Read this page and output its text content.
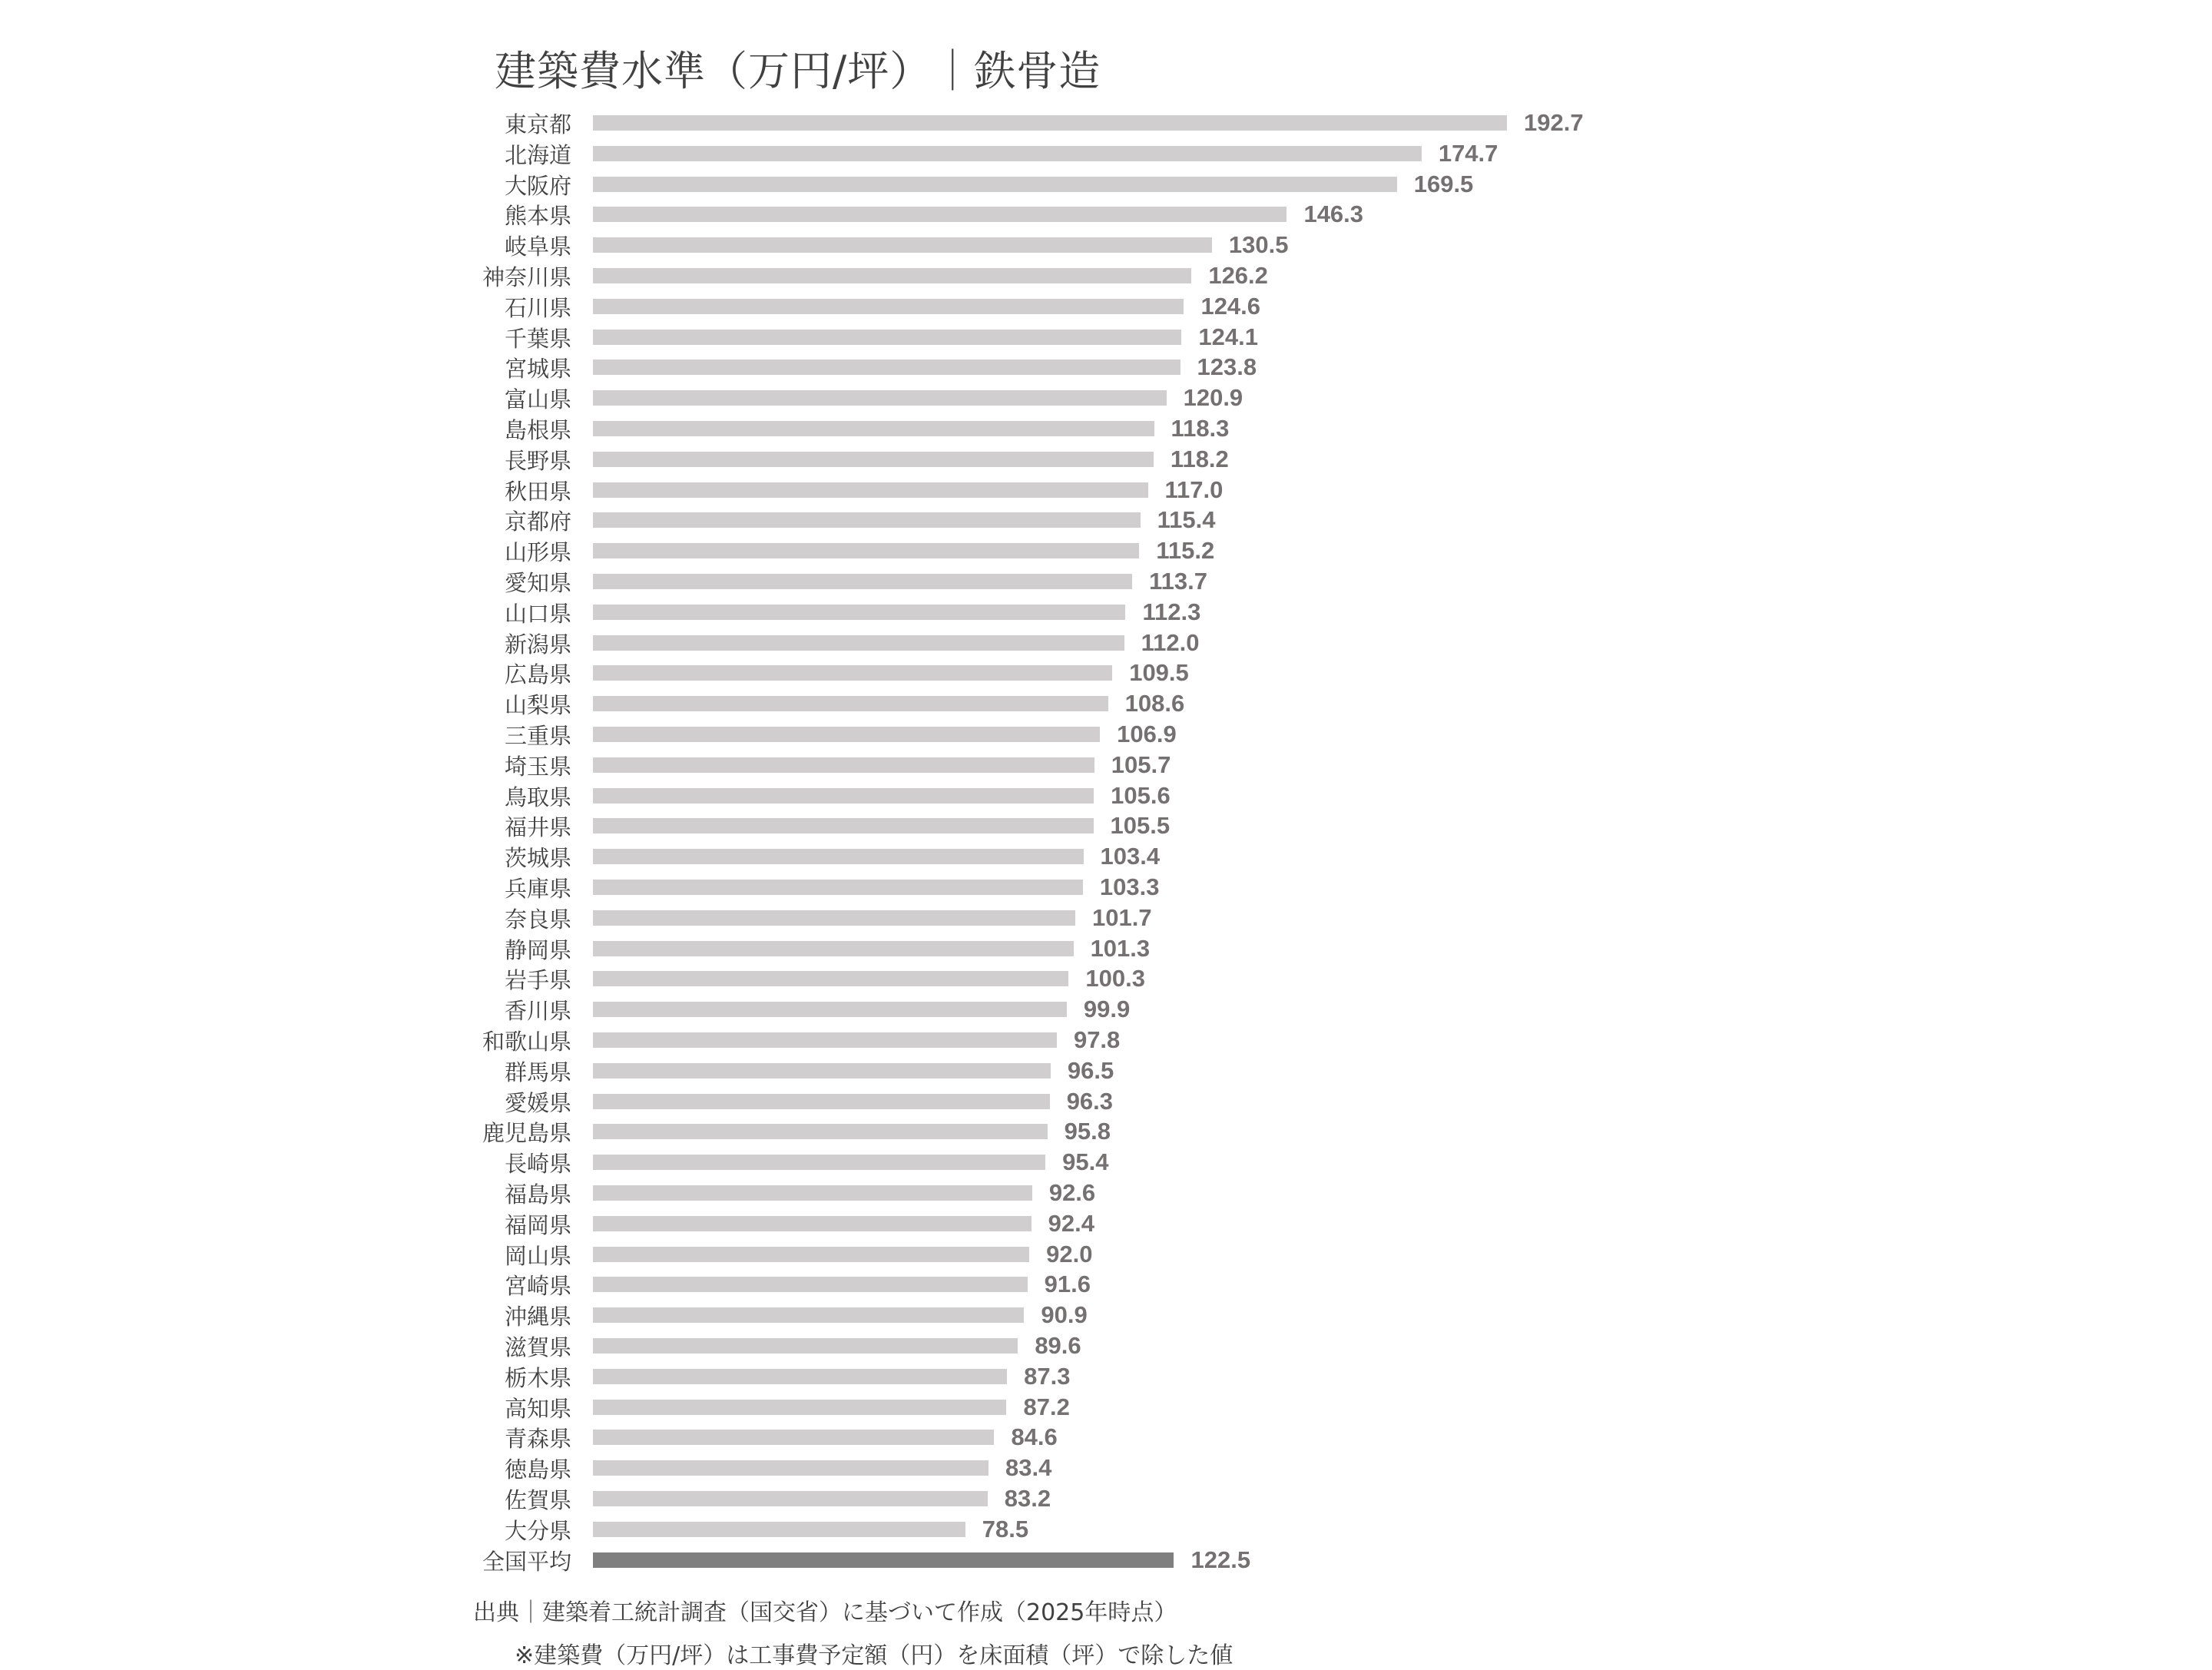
建築費水準（万円/坪）｜鉄骨造
東京都	192.7
北海道	174.7
大阪府	169.5
熊本県	146.3
岐阜県	130.5
神奈川県	126.2
石川県	124.6
千葉県	124.1
宮城県	123.8
富山県	120.9
島根県	118.3
長野県	118.2
秋田県	117.0
京都府	115.4
山形県	115.2
愛知県	113.7
山口県	112.3
新潟県	112.0
広島県	109.5
山梨県	108.6
三重県	106.9
埼玉県	105.7
鳥取県	105.6
福井県	105.5
茨城県	103.4
兵庫県	103.3
奈良県	101.7
静岡県	101.3
岩手県	100.3
香川県	99.9
和歌山県	97.8
群馬県	96.5
愛媛県	96.3
鹿児島県	95.8
長崎県	95.4
福島県	92.6
福岡県	92.4
岡山県	92.0
宮崎県	91.6
沖縄県	90.9
滋賀県	89.6
栃木県	87.3
高知県	87.2
青森県	84.6
徳島県	83.4
佐賀県	83.2
大分県	78.5
全国平均	122.5
出典｜建築着工統計調査（国交省）に基づいて作成（2025年時点）
※建築費（万円/坪）は工事費予定額（円）を床面積（坪）で除した値
